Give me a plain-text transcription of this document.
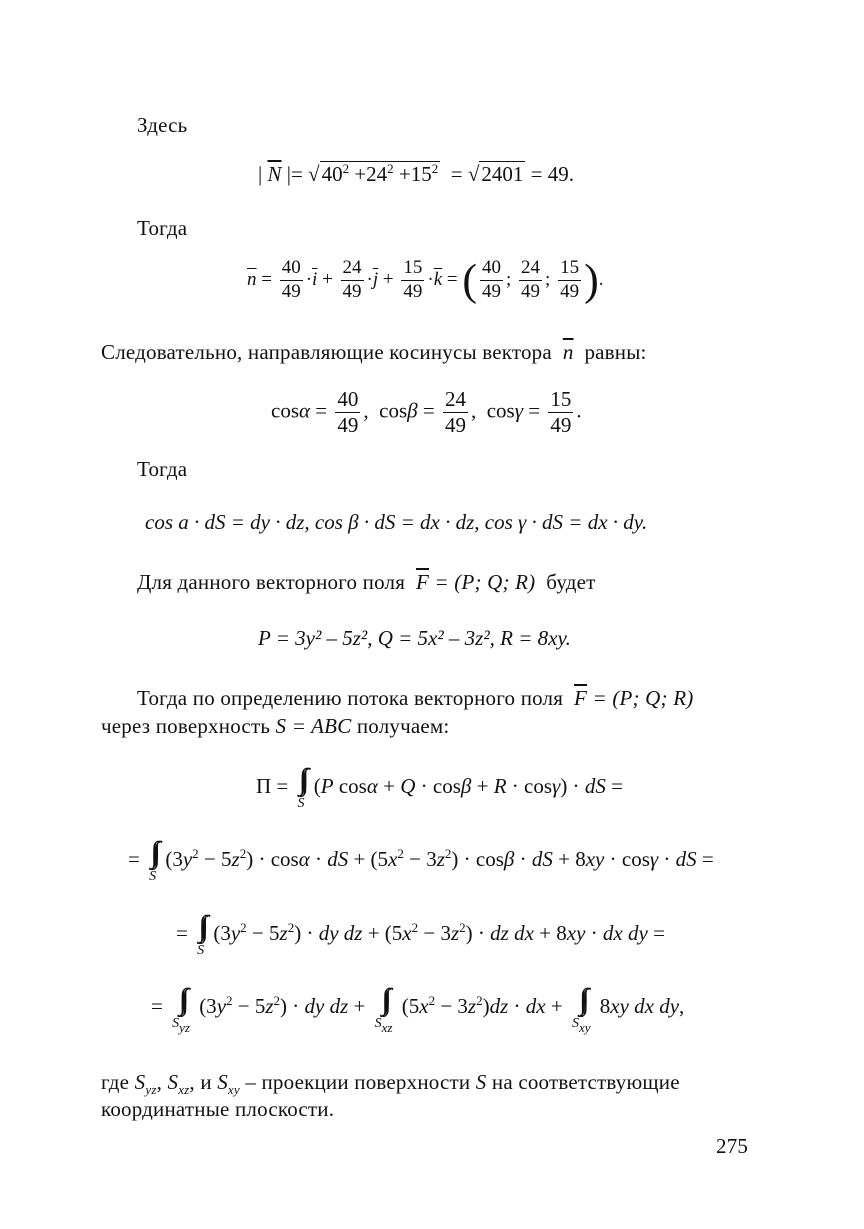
Здесь
| $\overline{N}$ |= $√40^2 +24^2 +15^2 = √2401 = 49$.
Тогда
$\overline{n} = \frac{40}{49} \cdot\overline{i} + \frac{24}{49} \cdot\overline{j} + \frac{15}{49} \cdot\overline{k}$ = ( $\frac{40}{49}$ ; $\frac{24}{49}$ ; $\frac{15}{49}$ ).
Следовательно, направляющие косинусы вектора $\overline{n}$ равны:
$\cos\alpha = \frac{40}{49}$ ,  $\cos\beta = \frac{24}{49}$ ,  $\cos\gamma = \frac{15}{49}$ .
Тогда
cos a · dS = dy · dz, cos β · dS = dx · dz, cos γ · dS = dx · dy.
Для данного векторного поля $\overline{F} = (P$; Q; R) будет
P = 3y² – 5z², Q = 5x² – 3z², R = 8xy.
Тогда по определению потока векторного поля $\overline{F} = (P$; Q; R)
через поверхность S = ABC получаем:
Π = ∫∫
S
(P cosα + Q · cosβ + R · cosγ) · dS =
= ∫∫
S
$(3y^2 - 5z^2) \cdot \cos\alpha$ · dS + $(5x^2 - 3z^2) \cdot \cos\beta$ · dS + 8xy · cosγ · dS =
= ∫∫
S
$(3y^2 - 5z^2)$ · dy dz + $(5x^2 - 3z^2)$ · dz dx + 8xy · dx dy =
= ∫∫
$S_{yz}$
$(3y^2 - 5z^2)$ · dy dz + ∫∫
$S_{xz}$
$(5x^2 - 3z^2)dz$ · dx + ∫∫
$S_{xy}$
8xy dx dy,
где $S_{yz}$, $S_{xz}$, и $S_{xy}$ – проекции поверхности S на соответствующие
координатные плоскости.
275
